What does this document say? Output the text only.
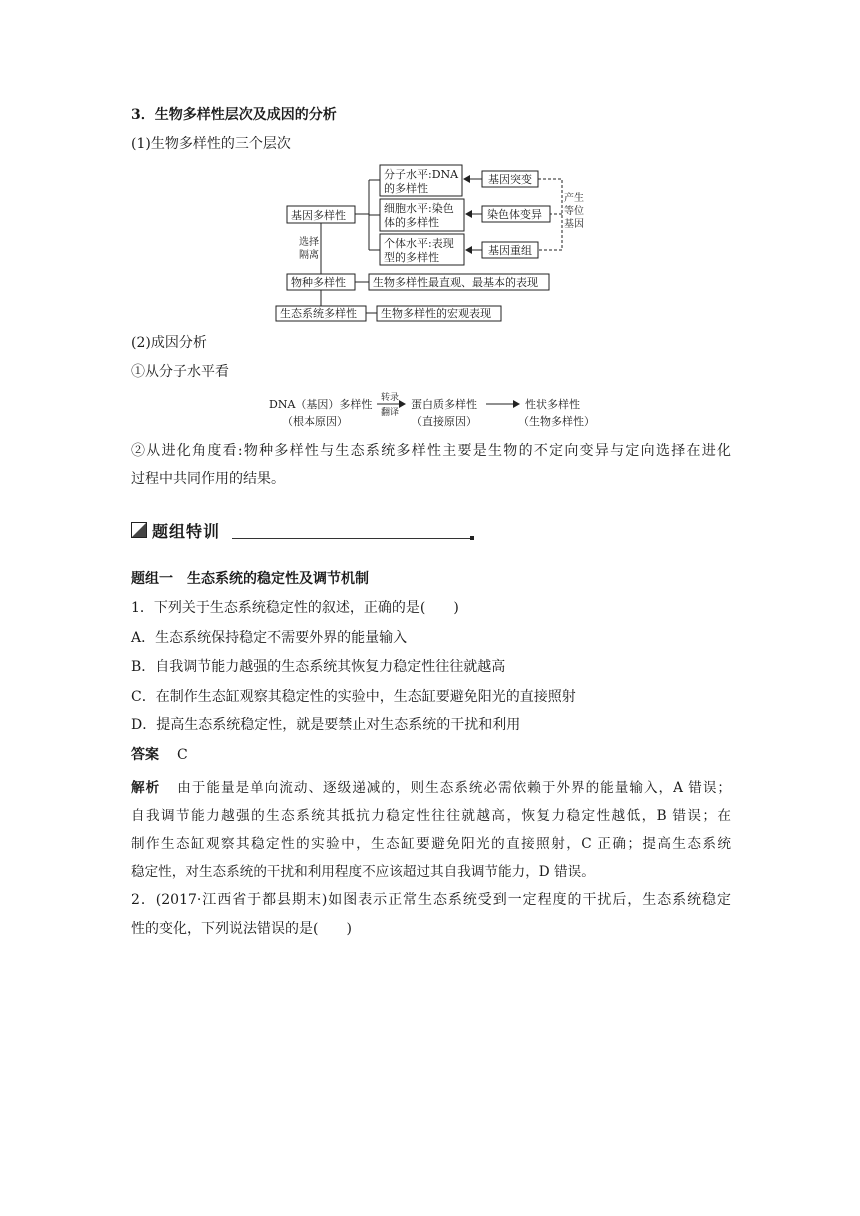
3．生物多样性层次及成因的分析
(1)生物多样性的三个层次
分子水平:DNA
的多样性
细胞水平:染色
体的多样性
个体水平:表现
型的多样性
基因突变
染色体变异
基因重组
基因多样性
物种多样性
生态系统多样性
生物多样性最直观、最基本的表现
生物多样性的宏观表现
选择
隔离
产生
等位
基因
(2)成因分析
①从分子水平看
DNA（基因）多样性
（根本原因）
蛋白质多样性
（直接原因）
性状多样性
（生物多样性）
转录
翻译
②从进化角度看:物种多样性与生态系统多样性主要是生物的不定向变异与定向选择在进化
过程中共同作用的结果。
题组特训
题组一　生态系统的稳定性及调节机制
1．下列关于生态系统稳定性的叙述，正确的是(　　)
A．生态系统保持稳定不需要外界的能量输入
B．自我调节能力越强的生态系统其恢复力稳定性往往就越高
C．在制作生态缸观察其稳定性的实验中，生态缸要避免阳光的直接照射
D．提高生态系统稳定性，就是要禁止对生态系统的干扰和利用
答案 C
解析 由于能量是单向流动、逐级递减的，则生态系统必需依赖于外界的能量输入，A 错误；
自我调节能力越强的生态系统其抵抗力稳定性往往就越高，恢复力稳定性越低，B 错误；在
制作生态缸观察其稳定性的实验中，生态缸要避免阳光的直接照射，C 正确；提高生态系统
稳定性，对生态系统的干扰和利用程度不应该超过其自我调节能力，D 错误。
2．(2017·江西省于都县期末)如图表示正常生态系统受到一定程度的干扰后，生态系统稳定
性的变化，下列说法错误的是(　　)
